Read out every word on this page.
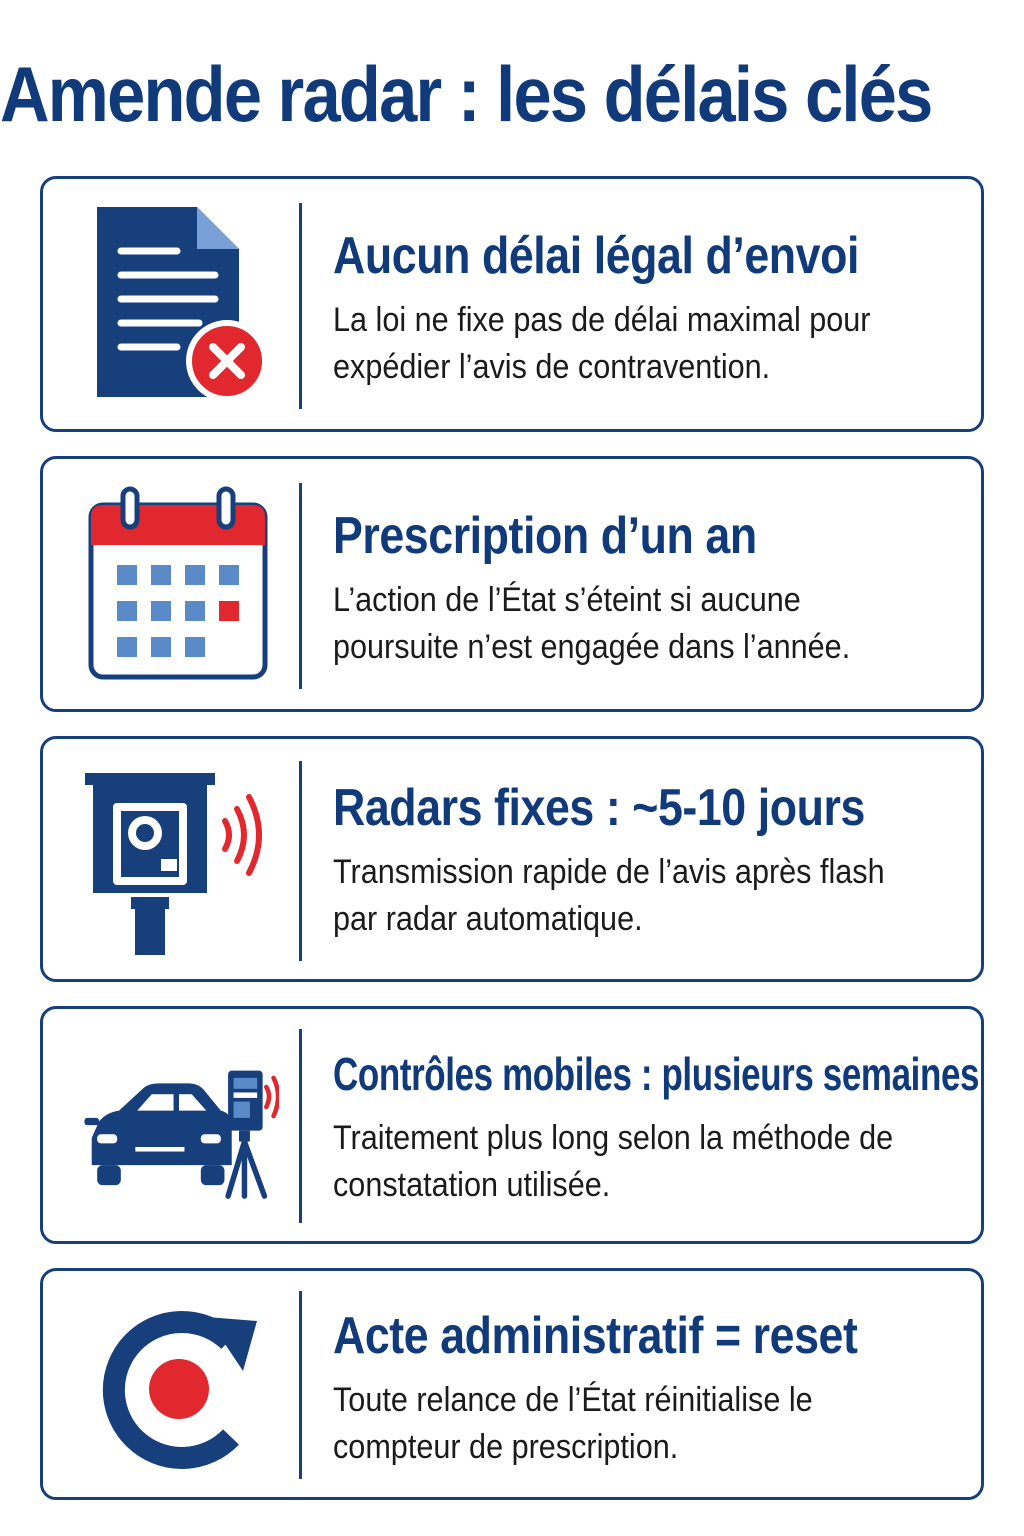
Amende radar : les délais clés
Aucun délai légal d’envoi
La loi ne fixe pas de délai maximal pour expédier l’avis de contravention.
Prescription d’un an
L’action de l’État s’éteint si aucune poursuite n’est engagée dans l’année.
Radars fixes : ~5-10 jours
Transmission rapide de l’avis après flash par radar automatique.
Contrôles mobiles : plusieurs semaines
Traitement plus long selon la méthode de constatation utilisée.
Acte administratif = reset
Toute relance de l’État réinitialise le compteur de prescription.
